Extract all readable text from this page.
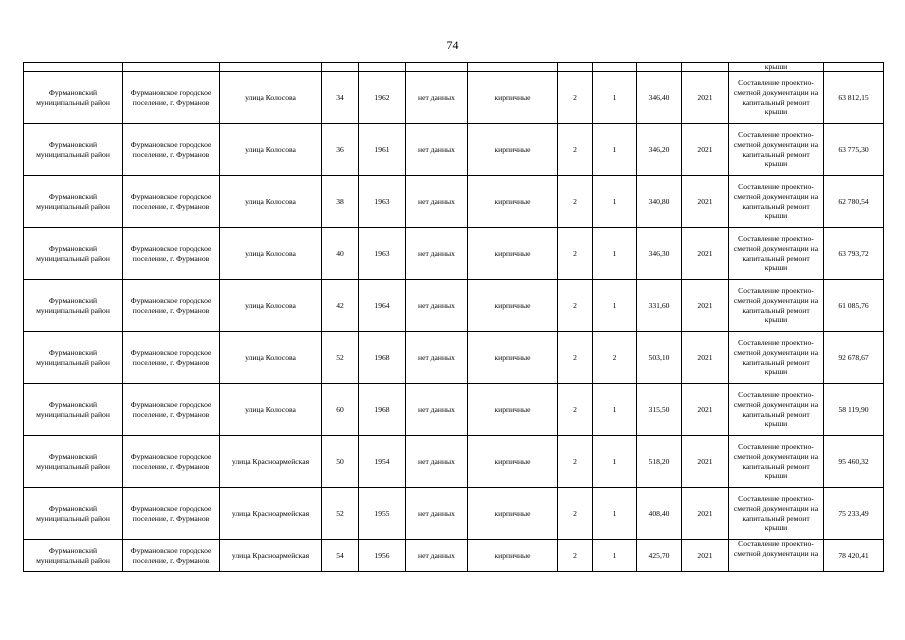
74
											крыши	
Фурмановский муниципальный район	Фурмановское городское поселение, г. Фурманов	улица Колосова	34	1962	нет данных	кирпичные	2	1	346,40	2021	Составление проектно-сметной документации на капитальный ремонт крыши	63 812,15
Фурмановский муниципальный район	Фурмановское городское поселение, г. Фурманов	улица Колосова	36	1961	нет данных	кирпичные	2	1	346,20	2021	Составление проектно-сметной документации на капитальный ремонт крыши	63 775,30
Фурмановский муниципальный район	Фурмановское городское поселение, г. Фурманов	улица Колосова	38	1963	нет данных	кирпичные	2	1	340,80	2021	Составление проектно-сметной документации на капитальный ремонт крыши	62 780,54
Фурмановский муниципальный район	Фурмановское городское поселение, г. Фурманов	улица Колосова	40	1963	нет данных	кирпичные	2	1	346,30	2021	Составление проектно-сметной документации на капитальный ремонт крыши	63 793,72
Фурмановский муниципальный район	Фурмановское городское поселение, г. Фурманов	улица Колосова	42	1964	нет данных	кирпичные	2	1	331,60	2021	Составление проектно-сметной документации на капитальный ремонт крыши	61 085,76
Фурмановский муниципальный район	Фурмановское городское поселение, г. Фурманов	улица Колосова	52	1968	нет данных	кирпичные	2	2	503,10	2021	Составление проектно-сметной документации на капитальный ремонт крыши	92 678,67
Фурмановский муниципальный район	Фурмановское городское поселение, г. Фурманов	улица Колосова	60	1968	нет данных	кирпичные	2	1	315,50	2021	Составление проектно-сметной документации на капитальный ремонт крыши	58 119,90
Фурмановский муниципальный район	Фурмановское городское поселение, г. Фурманов	улица Красноармейская	50	1954	нет данных	кирпичные	2	1	518,20	2021	Составление проектно-сметной документации на капитальный ремонт крыши	95 460,32
Фурмановский муниципальный район	Фурмановское городское поселение, г. Фурманов	улица Красноармейская	52	1955	нет данных	кирпичные	2	1	408,40	2021	Составление проектно-сметной документации на капитальный ремонт крыши	75 233,49
Фурмановский муниципальный район	Фурмановское городское поселение, г. Фурманов	улица Красноармейская	54	1956	нет данных	кирпичные	2	1	425,70	2021	Составление проектно-сметной документации на	78 420,41
